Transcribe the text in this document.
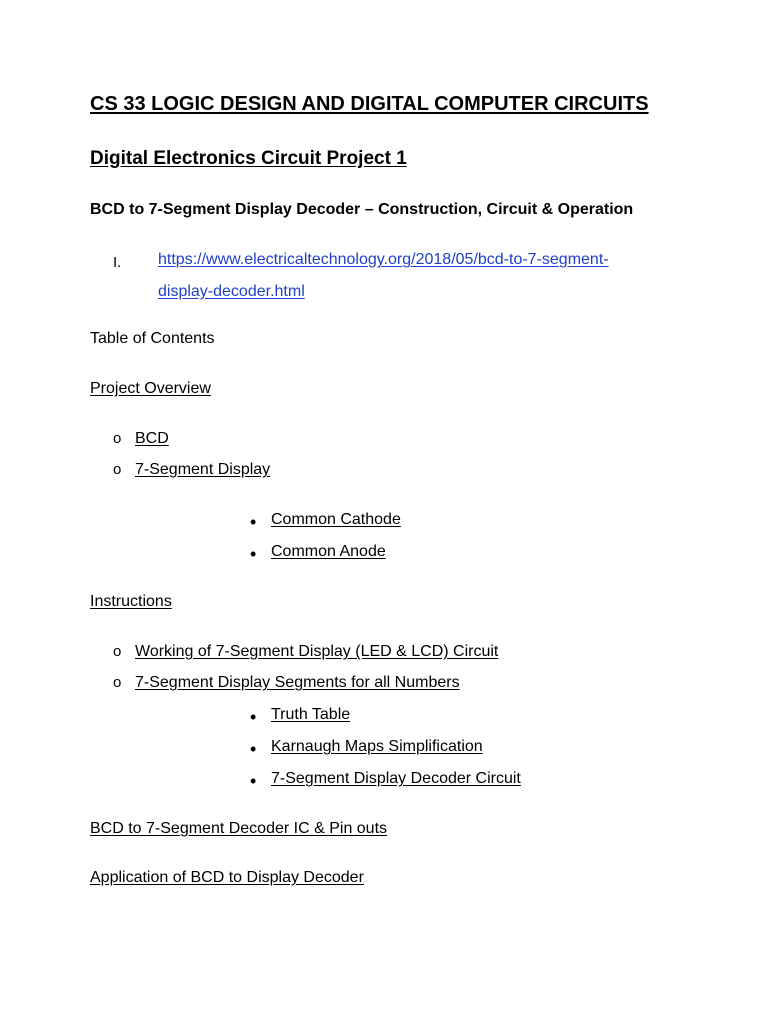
CS 33 LOGIC DESIGN AND DIGITAL COMPUTER CIRCUITS
Digital Electronics Circuit Project 1
BCD to 7-Segment Display Decoder – Construction, Circuit & Operation
I. https://www.electricaltechnology.org/2018/05/bcd-to-7-segment-
display-decoder.html
Table of Contents
Project Overview
o BCD
o 7-Segment Display
• Common Cathode
• Common Anode
Instructions
o Working of 7-Segment Display (LED & LCD) Circuit
o 7-Segment Display Segments for all Numbers
• Truth Table
• Karnaugh Maps Simplification
• 7-Segment Display Decoder Circuit
BCD to 7-Segment Decoder IC & Pin outs
Application of BCD to Display Decoder
